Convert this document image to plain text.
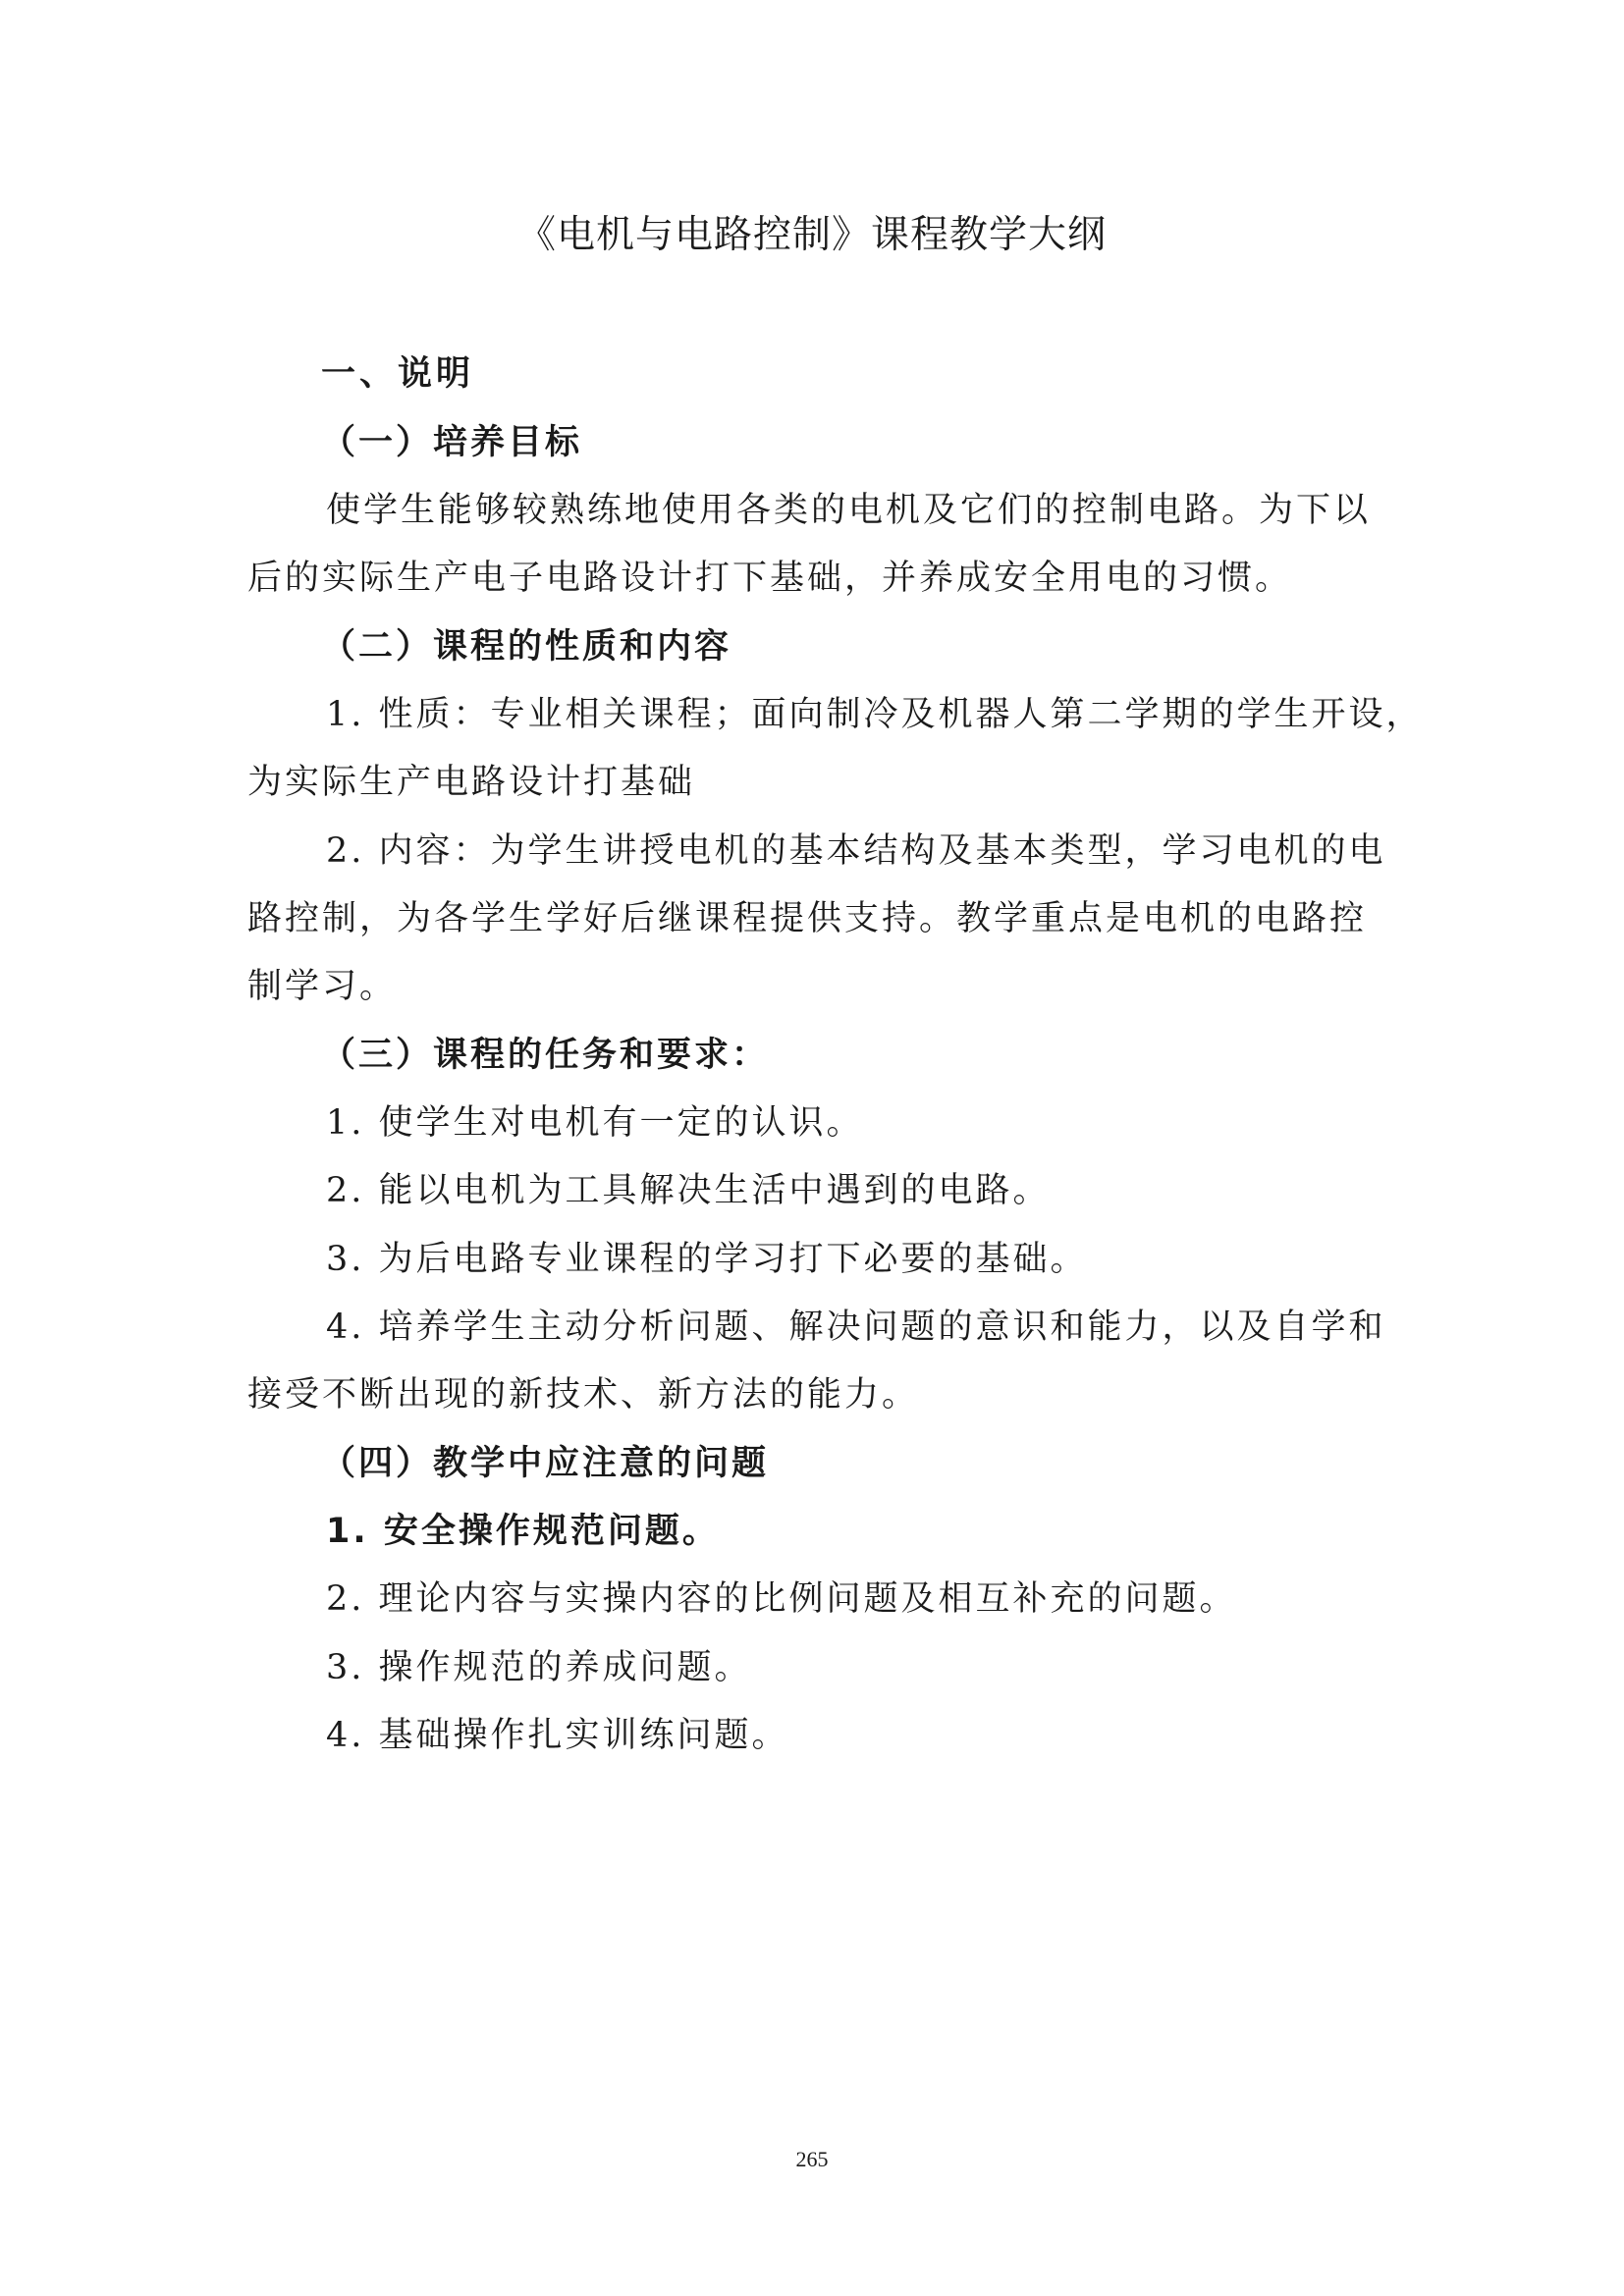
《电机与电路控制》课程教学大纲
一、说明
（一）培养目标
使学生能够较熟练地使用各类的电机及它们的控制电路。为下以
后的实际生产电子电路设计打下基础，并养成安全用电的习惯。
（二）课程的性质和内容
1. 性质：专业相关课程；面向制冷及机器人第二学期的学生开设，
为实际生产电路设计打基础
2. 内容：为学生讲授电机的基本结构及基本类型，学习电机的电
路控制，为各学生学好后继课程提供支持。教学重点是电机的电路控
制学习。
（三）课程的任务和要求：
1. 使学生对电机有一定的认识。
2. 能以电机为工具解决生活中遇到的电路。
3. 为后电路专业课程的学习打下必要的基础。
4. 培养学生主动分析问题、解决问题的意识和能力，以及自学和
接受不断出现的新技术、新方法的能力。
（四）教学中应注意的问题
1. 安全操作规范问题。
2. 理论内容与实操内容的比例问题及相互补充的问题。
3. 操作规范的养成问题。
4. 基础操作扎实训练问题。
265
